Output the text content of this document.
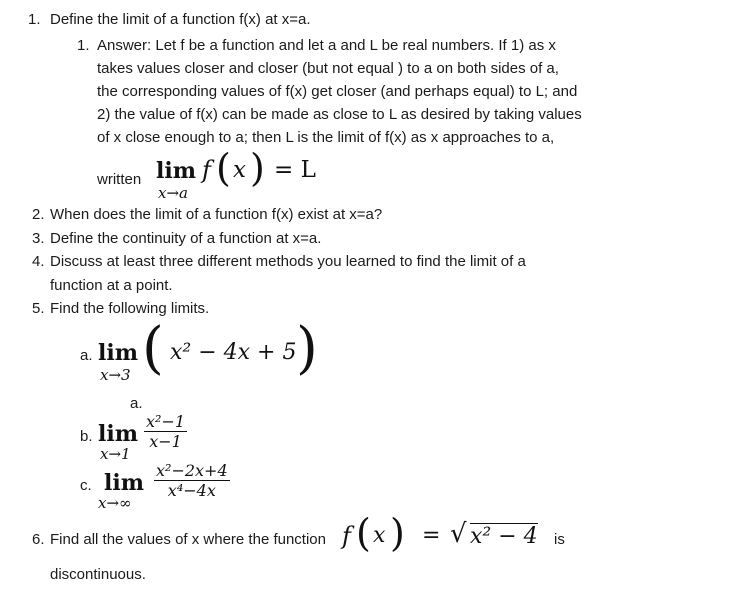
1. Define the limit of a function f(x) at x=a.
1. Answer: Let f be a function and let a and L be real numbers. If 1) as x
takes values closer and closer (but not equal ) to a on both sides of a,
the corresponding values of f(x) get closer (and perhaps equal) to L; and
2) the value of f(x) can be made as close to L as desired by taking values
of x close enough to a; then L is the limit of f(x) as x approaches to a,
written lim
x→a
f ( x ) = L
2. When does the limit of a function f(x) exist at x=a?
3. Define the continuity of a function at x=a.
4. Discuss at least three different methods you learned to find the limit of a
function at a point.
5. Find the following limits.
a. lim
x→3 ( x² − 4x + 5 )
a.
b. lim
x→1
$\frac{\text{x²−1}}{x-1}$
c. lim
x→∞
$\frac{\text{x²−2x+4}}{\text{x⁴−4x}}$
6. Find all the values of x where the function f ( x ) = √ x² − 4 is
discontinuous.
